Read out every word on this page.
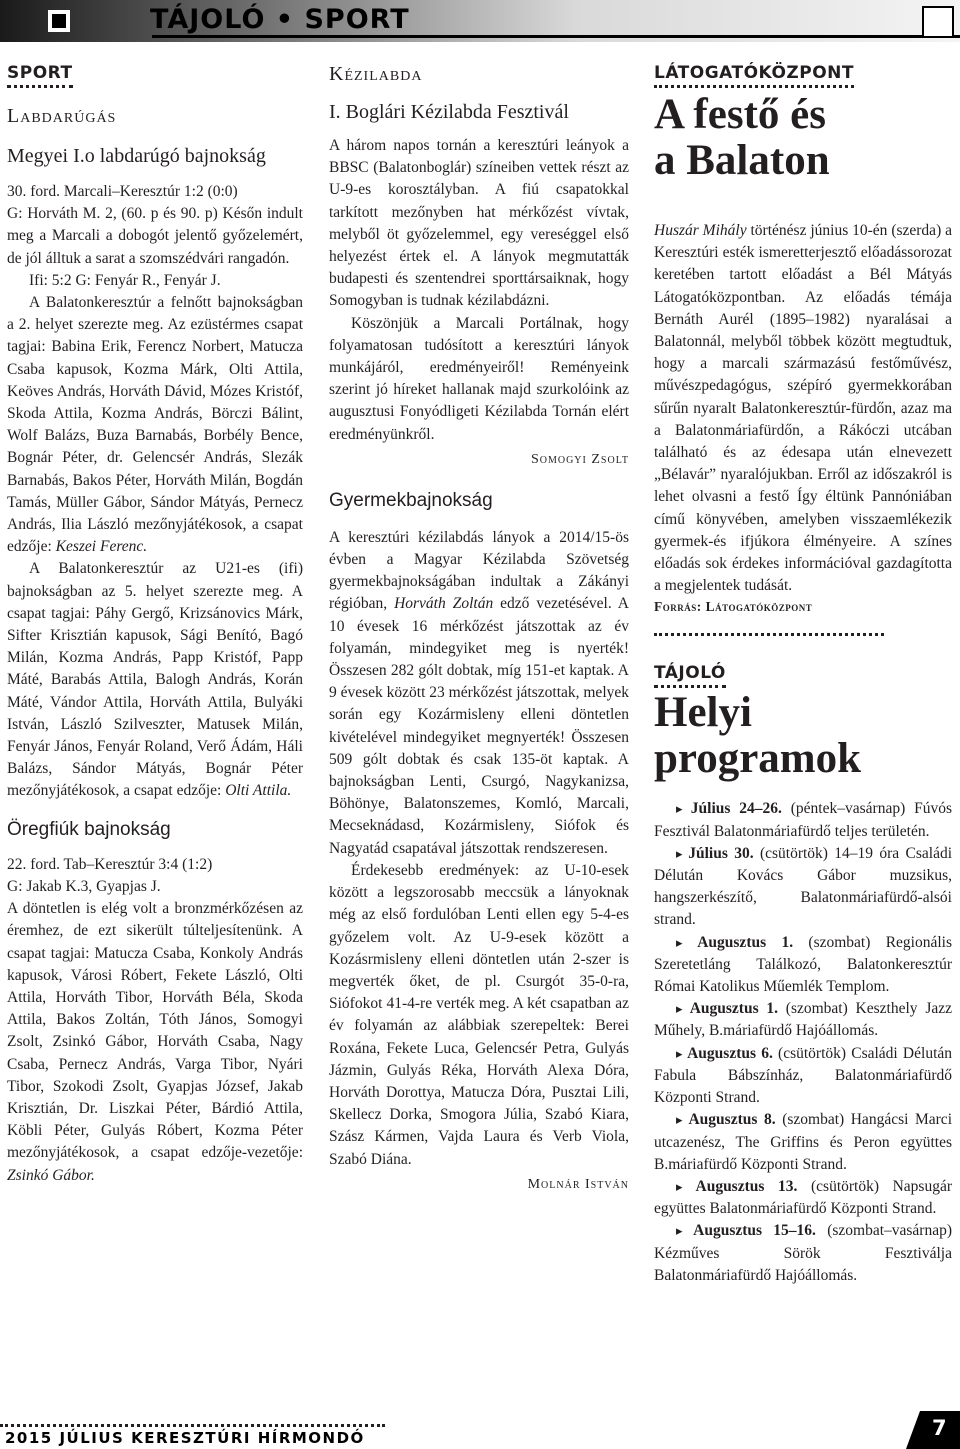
TÁJOLÓ • SPORT
SPORT
Labdarúgás
Megyei I.o labdarúgó bajnokság

30. ford. Marcali–Keresztúr 1:2 (0:0)

G: Horváth M. 2, (60. p és 90. p) Későn indult meg a Marcali a dobogót jelentő győzelemért, de jól álltuk a sarat a szomszédvári rangadón.

Ifi: 5:2 G: Fenyár R., Fenyár J.

A Balatonkeresztúr a felnőtt bajnokságban a 2. helyet szerezte meg. Az ezüstérmes csapat tagjai: Babina Erik, Ferencz Norbert, Matucza Csaba kapusok, Kozma Márk, Olti Attila, Keöves András, Horváth Dávid, Mózes Kristóf, Skoda Attila, Kozma András, Börczi Bálint, Wolf Balázs, Buza Barnabás, Borbély Bence, Bognár Péter, dr. Gelencsér András, Slezák Barnabás, Bakos Péter, Horváth Milán, Bogdán Tamás, Müller Gábor, Sándor Mátyás, Pernecz András, Ilia László mezőnyjátékosok, a csapat edzője: Keszei Ferenc.

A Balatonkeresztúr az U21-es (ifi) bajnokságban az 5. helyet szerezte meg. A csapat tagjai: Páhy Gergő, Krizsánovics Márk, Sifter Krisztián kapusok, Sági Benító, Bagó Milán, Kozma András, Papp Kristóf, Papp Máté, Barabás Attila, Balogh András, Korán Máté, Vándor Attila, Horváth Attila, Bulyáki István, László Szilveszter, Matusek Milán, Fenyár János, Fenyár Roland, Verő Ádám, Háli Balázs, Sándor Mátyás, Bognár Péter mezőnyjátékosok, a csapat edzője: Olti Attila.

Öregfiúk bajnokság

22. ford. Tab–Keresztúr 3:4 (1:2)

G: Jakab K.3, Gyapjas J.

A döntetlen is elég volt a bronzmérkőzésen az éremhez, de ezt sikerült túlteljesítenünk. A csapat tagjai: Matucza Csaba, Konkoly András kapusok, Városi Róbert, Fekete László, Olti Attila, Horváth Tibor, Horváth Béla, Skoda Attila, Bakos Zoltán, Tóth János, Somogyi Zsolt, Zsinkó Gábor, Horváth Csaba, Nagy Csaba, Pernecz András, Varga Tibor, Nyári Tibor, Szokodi Zsolt, Gyapjas József, Jakab Krisztián, Dr. Liszkai Péter, Bárdió Attila, Köbli Péter, Gulyás Róbert, Kozma Péter mezőnyjátékosok, a csapat edzője-vezetője: Zsinkó Gábor.

Kézilabda
I. Boglári Kézilabda Fesztivál

A három napos tornán a keresztúri leányok a BBSC (Balatonboglár) színeiben vettek részt az U-9-es korosztályban. A fiú csapatokkal tarkított mezőnyben hat mérkőzést vívtak, melyből öt győzelemmel, egy vereséggel első helyezést értek el. A lányok megmutatták budapesti és szentendrei sporttársaiknak, hogy Somogyban is tudnak kézilabdázni.

Köszönjük a Marcali Portálnak, hogy folyamatosan tudósított a keresztúri lányok munkájáról, eredményeiről! Reményeink szerint jó híreket hallanak majd szurkolóink az augusztusi Fonyódligeti Kézilabda Tornán elért eredményünkről.

Somogyi Zsolt
Gyermekbajnokság

A keresztúri kézilabdás lányok a 2014/15-ös évben a Magyar Kézilabda Szövetség gyermekbajnokságában indultak a Zákányi régióban, Horváth Zoltán edző vezetésével. A 10 évesek 16 mérkőzést játszottak az év folyamán, mindegyiket meg is nyerték! Összesen 282 gólt dobtak, míg 151-et kaptak. A 9 évesek között 23 mérkőzést játszottak, melyek során egy Kozármisleny elleni döntetlen kivételével mindegyiket megnyerték! Összesen 509 gólt dobtak és csak 135-öt kaptak. A bajnokságban Lenti, Csurgó, Nagykanizsa, Böhönye, Balatonszemes, Komló, Marcali, Mecseknádasd, Kozármisleny, Siófok és Nagyatád csapatával játszottak rendszeresen.

Érdekesebb eredmények: az U-10-esek között a legszorosabb meccsük a lányoknak még az első fordulóban Lenti ellen egy 5-4-es győzelem volt. Az U-9-esek között a Kozásrmisleny elleni döntetlen után 2-szer is megverték őket, de pl. Csurgót 35-0-ra, Siófokot 41-4-re verték meg. A két csapatban az év folyamán az alábbiak szerepeltek: Berei Roxána, Fekete Luca, Gelencsér Petra, Gulyás Jázmin, Gulyás Réka, Horváth Alexa Dóra, Horváth Dorottya, Matucza Dóra, Pusztai Lili, Skellecz Dorka, Smogora Júlia, Szabó Kiara, Szász Kármen, Vajda Laura és Verb Viola, Szabó Diána.

Molnár István
LÁTOGATÓKÖZPONT
A festő és
a Balaton

Huszár Mihály történész június 10-én (szerda) a Keresztúri esték ismeretterjesztő előadássorozat keretében tartott előadást a Bél Mátyás Látogatóközpontban. Az előadás témája Bernáth Aurél (1895–1982) nyaralásai a Balatonnál, melyből többek között megtudtuk, hogy a marcali származású festőművész, művészpedagógus, szépíró gyermekkorában sűrűn nyaralt Balatonkeresztúr-fürdőn, azaz ma a Balatonmáriafürdőn, a Rákóczi utcában található és az édesapa után elnevezett „Bélavár” nyaralójukban. Erről az időszakról is lehet olvasni a festő Így éltünk Pannóniában című könyvében, amelyben visszaemlékezik gyermek-és ifjúkora élményeire. A színes előadás sok érdekes információval gazdagította a megjelentek tudását.

Forrás: Látogatóközpont
TÁJOLÓ
Helyi programok

▸ Július 24–26. (péntek–vasárnap) Fúvós Fesztivál Balatonmáriafürdő teljes területén.

▸ Július 30. (csütörtök) 14–19 óra Családi Délután Kovács Gábor muzsikus, hangszerkészítő, Balatonmáriafürdő-alsói strand.

▸ Augusztus 1. (szombat) Regionális Szeretetláng Találkozó, Balatonkeresztúr Római Katolikus Műemlék Templom.

▸ Augusztus 1. (szombat) Keszthely Jazz Műhely, B.máriafürdő Hajóállomás.

▸ Augusztus 6. (csütörtök) Családi Délután Fabula Bábszínház, Balatonmáriafürdő Központi Strand.

▸ Augusztus 8. (szombat) Hangácsi Marci utcazenész, The Griffins és Peron együttes B.máriafürdő Központi Strand.

▸ Augusztus 13. (csütörtök) Napsugár együttes Balatonmáriafürdő Központi Strand.

▸ Augusztus 15–16. (szombat–vasárnap) Kézműves Sörök Fesztiválja Balatonmáriafürdő Hajóállomás.

2015 JÚLIUS KERESZTÚRI HÍRMONDÓ	7
